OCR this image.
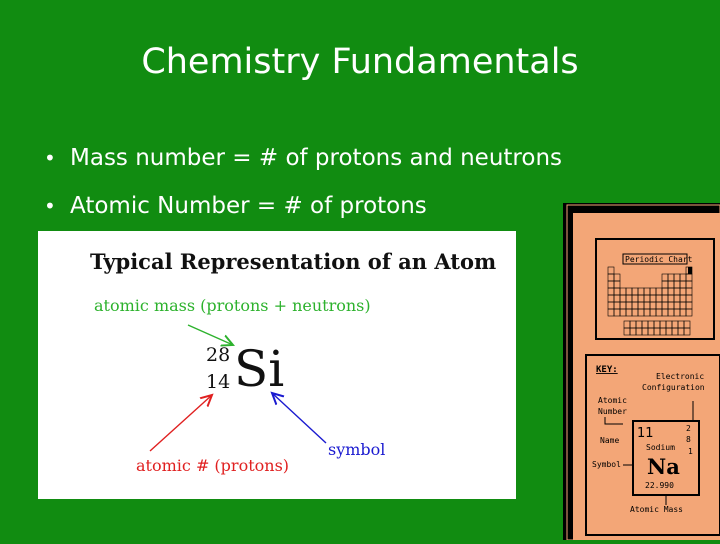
Chemistry Fundamentals
• Mass number = # of protons and neutrons
• Atomic Number = # of protons
Typical Representation of an Atom
atomic mass (protons + neutrons)
28
14 Si
atomic # (protons)
symbol
Periodic Chart
KEY:
Electronic
Configuration
Atomic
Number
Name
Symbol
11	2
8
1
Sodium
Na
22.990
Atomic Mass
